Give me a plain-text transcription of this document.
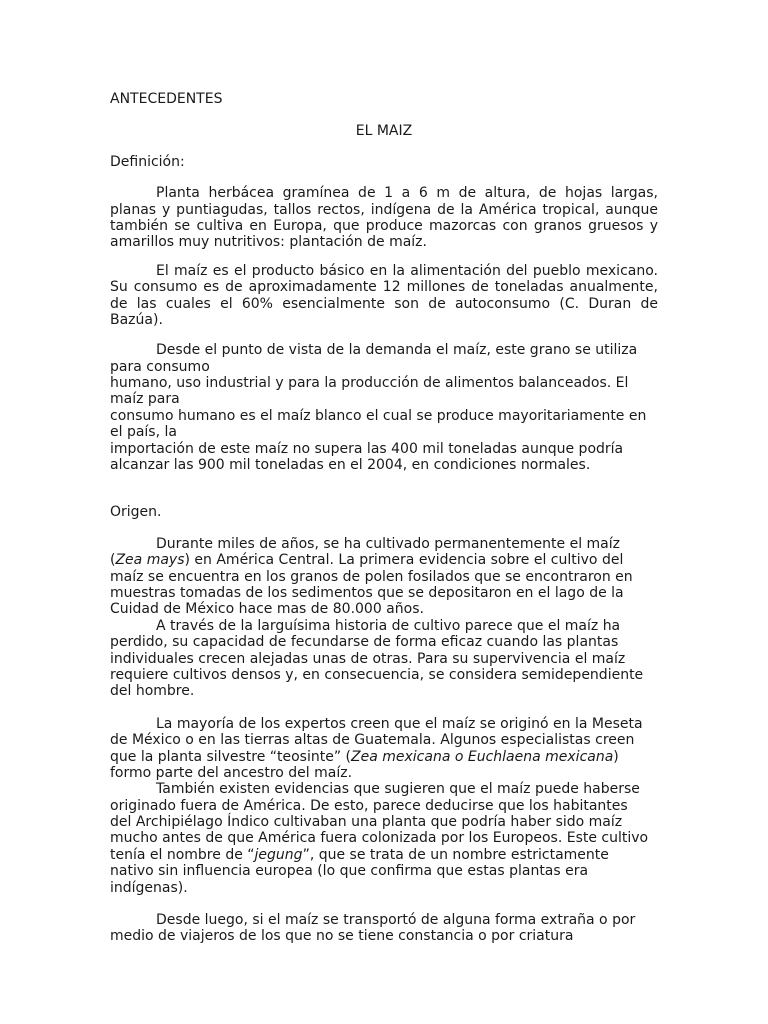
ANTECEDENTES
EL MAIZ
Definición:
Planta herbácea gramínea de 1 a 6 m de altura, de hojas largas,
planas y puntiagudas, tallos rectos, indígena de la América tropical, aunque
también se cultiva en Europa, que produce mazorcas con granos gruesos y
amarillos muy nutritivos: plantación de maíz.
El maíz es el producto básico en la alimentación del pueblo mexicano.
Su consumo es de aproximadamente 12 millones de toneladas anualmente,
de las cuales el 60% esencialmente son de autoconsumo (C. Duran de
Bazúa).
Desde el punto de vista de la demanda el maíz, este grano se utiliza
para consumo
humano, uso industrial y para la producción de alimentos balanceados. El
maíz para
consumo humano es el maíz blanco el cual se produce mayoritariamente en
el país, la
importación de este maíz no supera las 400 mil toneladas aunque podría
alcanzar las 900 mil toneladas en el 2004, en condiciones normales.
Origen.
Durante miles de años, se ha cultivado permanentemente el maíz
(Zea mays) en América Central. La primera evidencia sobre el cultivo del
maíz se encuentra en los granos de polen fosilados que se encontraron en
muestras tomadas de los sedimentos que se depositaron en el lago de la
Cuidad de México hace mas de 80.000 años.
A través de la larguísima historia de cultivo parece que el maíz ha
perdido, su capacidad de fecundarse de forma eficaz cuando las plantas
individuales crecen alejadas unas de otras. Para su supervivencia el maíz
requiere cultivos densos y, en consecuencia, se considera semidependiente
del hombre.
La mayoría de los expertos creen que el maíz se originó en la Meseta
de México o en las tierras altas de Guatemala. Algunos especialistas creen
que la planta silvestre “teosinte” (Zea mexicana o Euchlaena mexicana)
formo parte del ancestro del maíz.
También existen evidencias que sugieren que el maíz puede haberse
originado fuera de América. De esto, parece deducirse que los habitantes
del Archipiélago Índico cultivaban una planta que podría haber sido maíz
mucho antes de que América fuera colonizada por los Europeos. Este cultivo
tenía el nombre de “jegung”, que se trata de un nombre estrictamente
nativo sin influencia europea (lo que confirma que estas plantas era
indígenas).
Desde luego, si el maíz se transportó de alguna forma extraña o por
medio de viajeros de los que no se tiene constancia o por criatura
